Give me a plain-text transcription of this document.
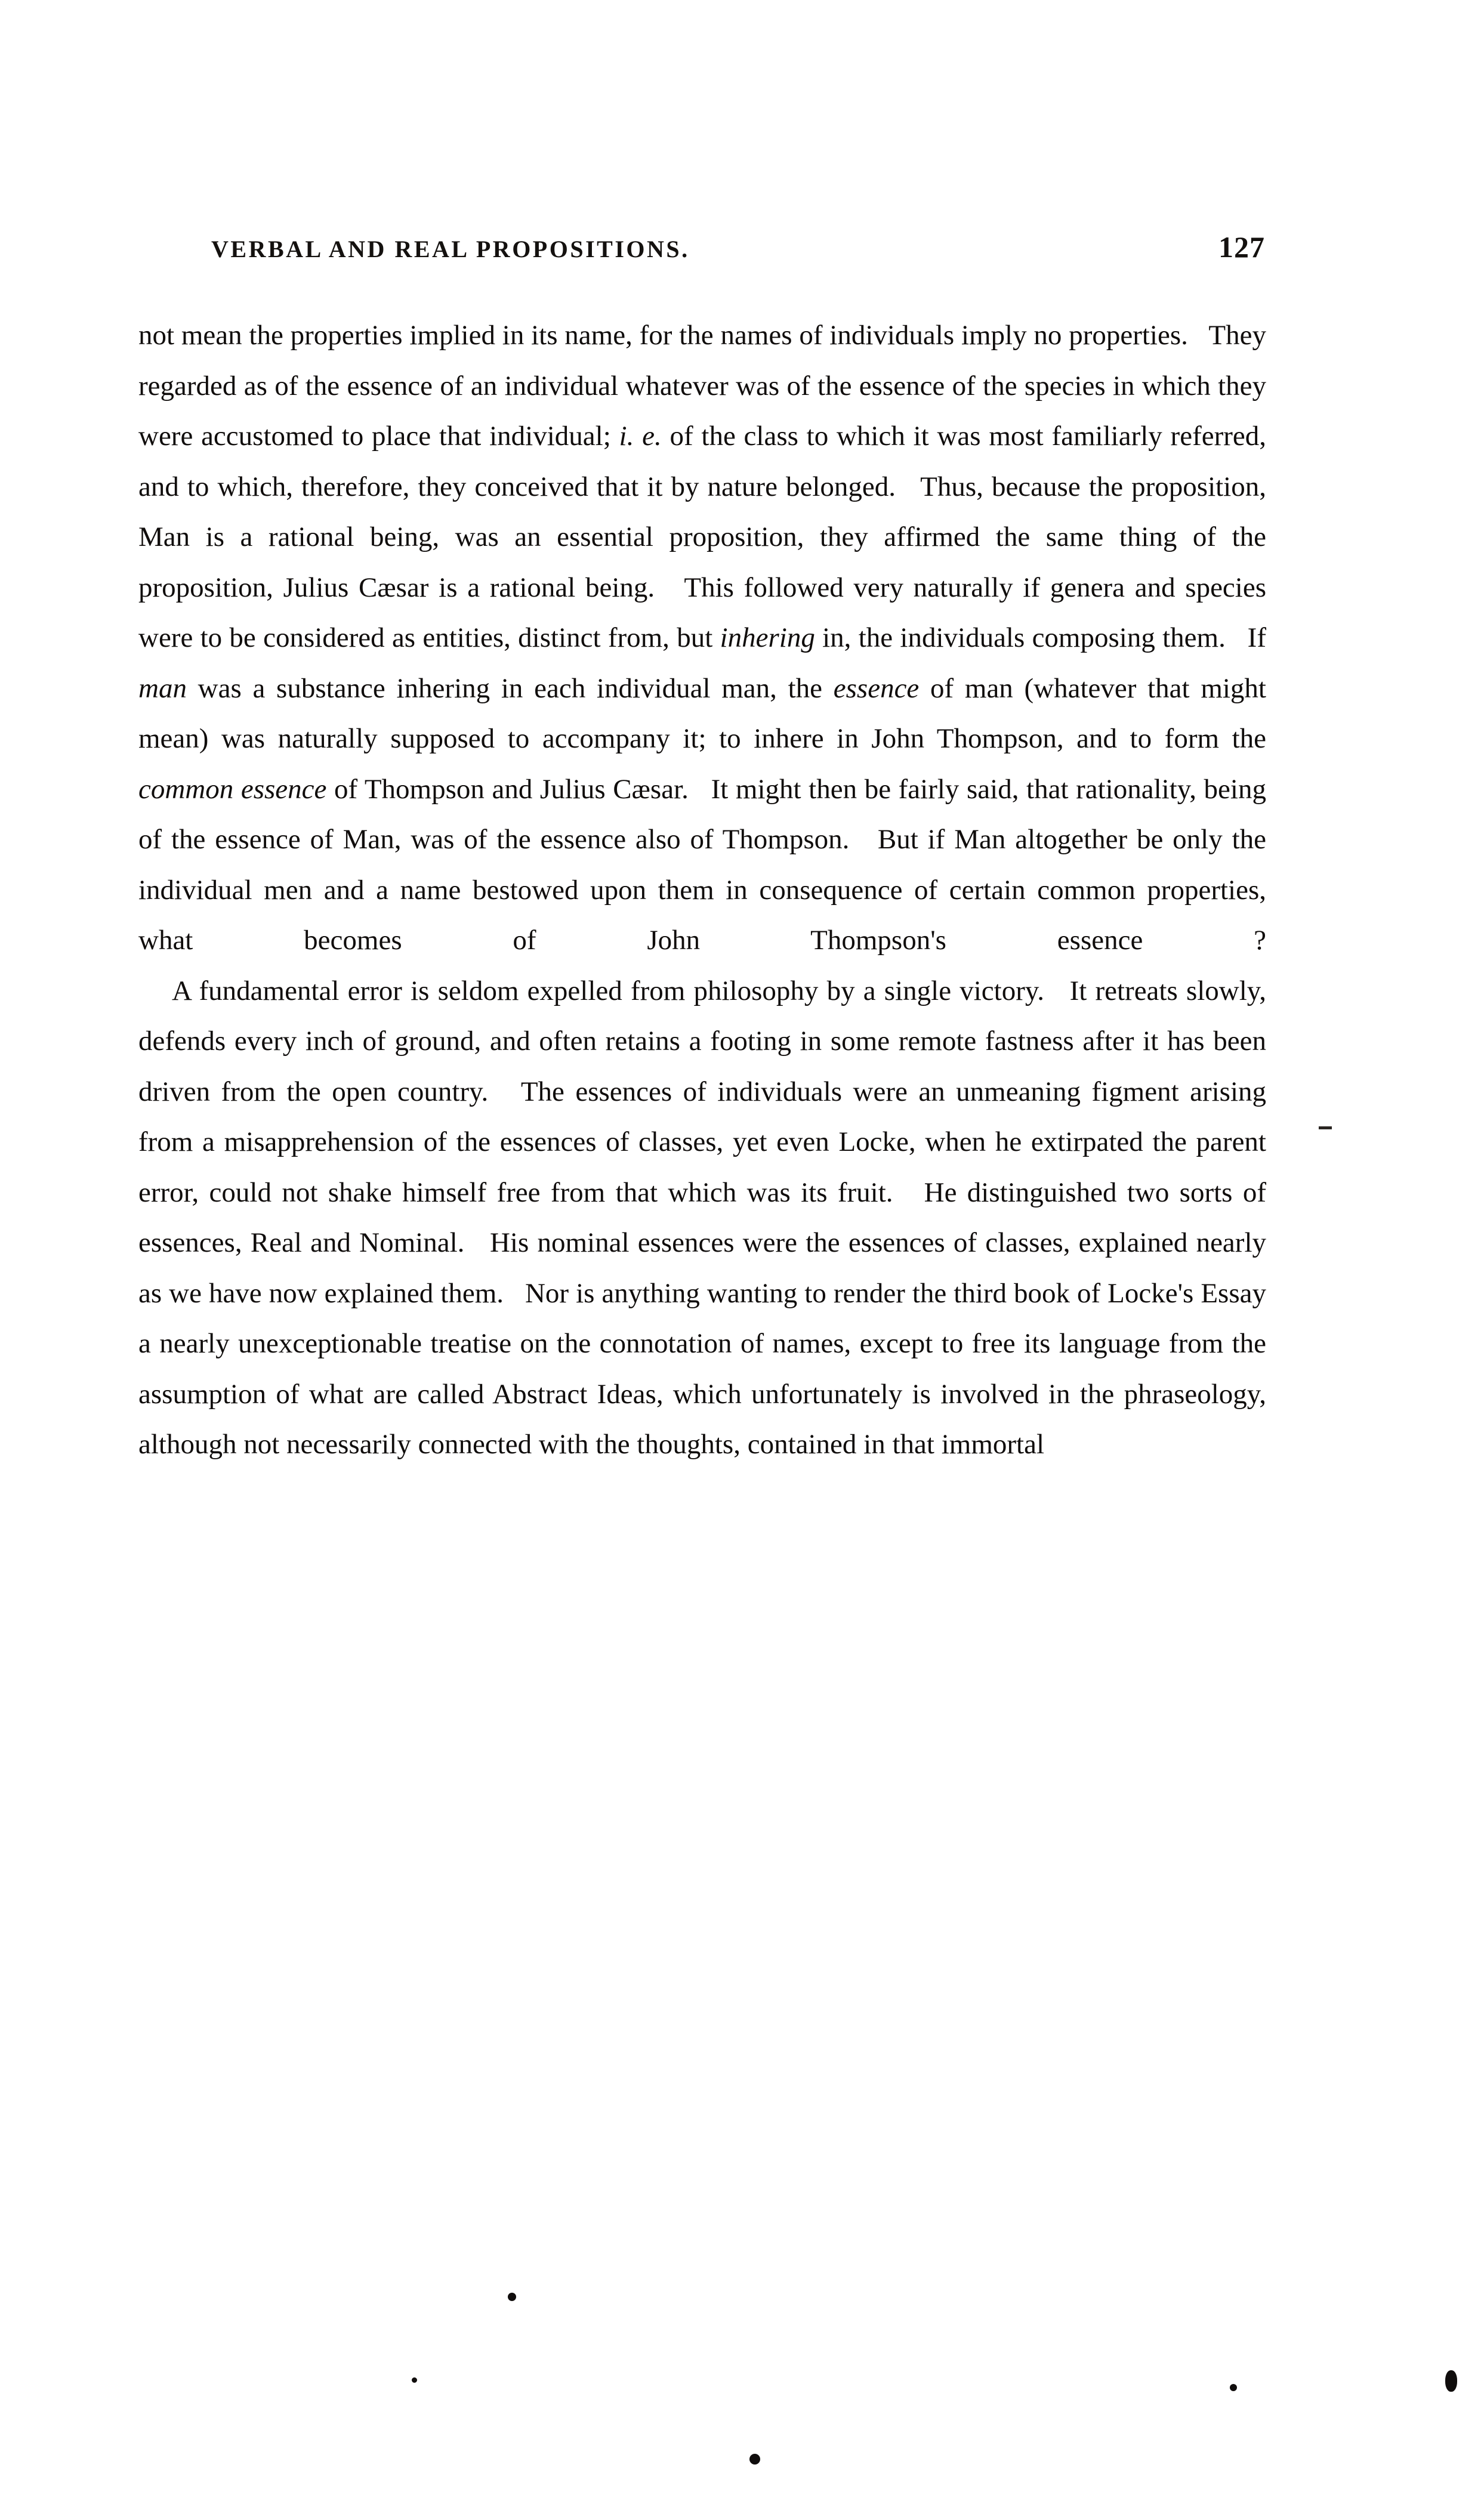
VERBAL AND REAL PROPOSITIONS.	127

not mean the properties implied in its name, for the names of individuals imply no properties.   They regarded as of the essence of an individual whatever was of the essence of the species in which they were accustomed to place that individual; i. e. of the class to which it was most familiarly referred, and to which, therefore, they conceived that it by nature belonged.   Thus, because the proposition, Man is a rational being, was an essential proposition, they affirmed the same thing of the proposition, Julius Cæsar is a rational being.   This followed very naturally if genera and species were to be considered as entities, distinct from, but inhering in, the individuals composing them.   If man was a substance inhering in each individual man, the essence of man (whatever that might mean) was naturally supposed to accompany it; to inhere in John Thompson, and to form the common essence of Thompson and Julius Cæsar.   It might then be fairly said, that rationality, being of the essence of Man, was of the essence also of Thompson.   But if Man altogether be only the individual men and a name bestowed upon them in consequence of certain common properties, what becomes of John Thompson's essence ?

A fundamental error is seldom expelled from philosophy by a single victory.   It retreats slowly, defends every inch of ground, and often retains a footing in some remote fastness after it has been driven from the open country.   The essences of individuals were an unmeaning figment arising from a misapprehension of the essences of classes, yet even Locke, when he extirpated the parent error, could not shake himself free from that which was its fruit.   He distinguished two sorts of essences, Real and Nominal.   His nominal essences were the essences of classes, explained nearly as we have now explained them.   Nor is anything wanting to render the third book of Locke's Essay a nearly unexceptionable treatise on the connotation of names, except to free its language from the assumption of what are called Abstract Ideas, which unfortunately is involved in the phraseology, although not necessarily connected with the thoughts, contained in that immortal
